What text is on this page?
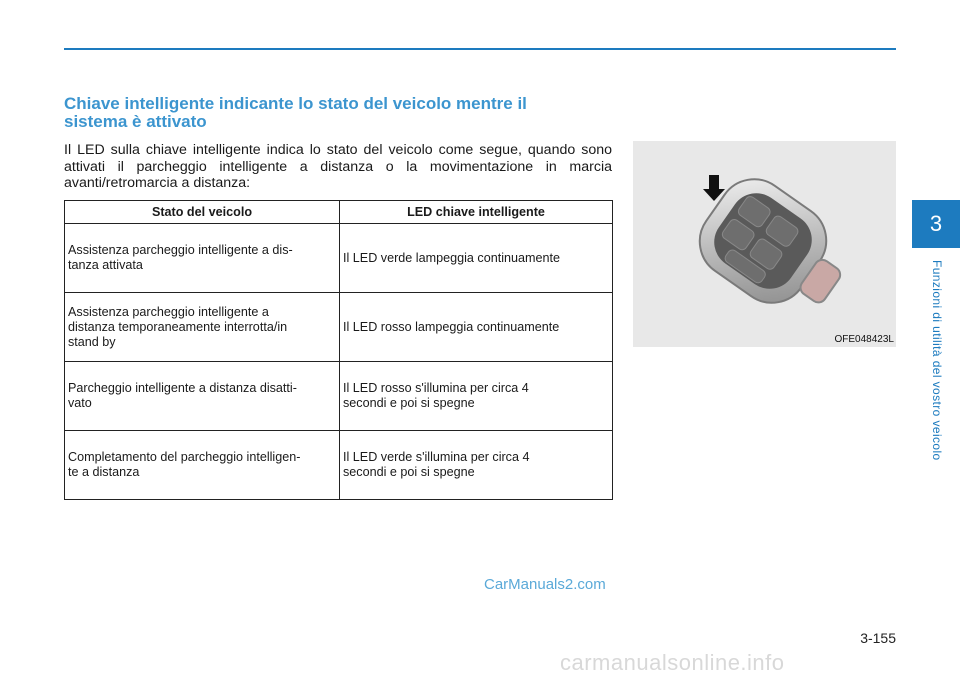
Chiave intelligente indicante lo stato del veicolo mentre il
sistema è attivato
Il LED sulla chiave intelligente indica lo stato del veicolo come segue, quando sono attivati il parcheggio intelligente a distanza o la movimentazione in marcia avanti/retromarcia a distanza:
Stato del veicolo	LED chiave intelligente
Assistenza parcheggio intelligente a dis-
tanza attivata	Il LED verde lampeggia continuamente
Assistenza parcheggio intelligente a
distanza temporaneamente interrotta/in
stand by	Il LED rosso lampeggia continuamente
Parcheggio intelligente a distanza disatti-
vato	Il LED rosso s'illumina per circa 4
secondi e poi si spegne
Completamento del parcheggio intelligen-
te a distanza	Il LED verde s'illumina per circa 4
secondi e poi si spegne
OFE048423L
3
Funzioni di utilità del vostro veicolo
3-155
CarManuals2.com
carmanualsonline.info
